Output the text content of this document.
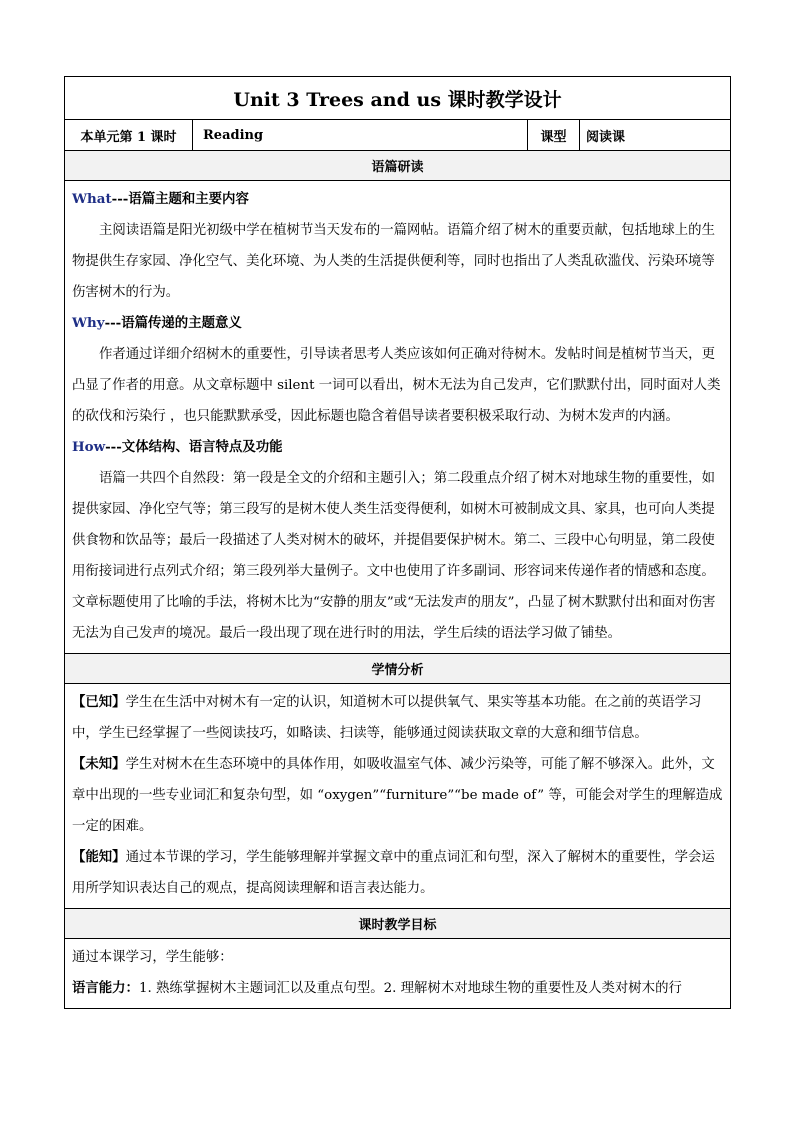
Unit 3 Trees and us 课时教学设计
本单元第 1 课时	Reading	课型	阅读课
语篇研读

What---语篇主题和主要内容

主阅读语篇是阳光初级中学在植树节当天发布的一篇网帖。语篇介绍了树木的重要贡献，包括地球上的生物提供生存家园、净化空气、美化环境、为人类的生活提供便利等，同时也指出了人类乱砍滥伐、污染环境等伤害树木的行为。

Why---语篇传递的主题意义

作者通过详细介绍树木的重要性，引导读者思考人类应该如何正确对待树木。发帖时间是植树节当天，更凸显了作者的用意。从文章标题中 silent 一词可以看出，树木无法为自己发声，它们默默付出，同时面对人类的砍伐和污染行 ，也只能默默承受，因此标题也隐含着倡导读者要积极采取行动、为树木发声的内涵。

How---文体结构、语言特点及功能

语篇一共四个自然段：第一段是全文的介绍和主题引入；第二段重点介绍了树木对地球生物的重要性，如提供家园、净化空气等；第三段写的是树木使人类生活变得便利，如树木可被制成文具、家具，也可向人类提供食物和饮品等；最后一段描述了人类对树木的破坏，并提倡要保护树木。第二、三段中心句明显，第二段使用衔接词进行点列式介绍；第三段列举大量例子。文中也使用了许多副词、形容词来传递作者的情感和态度。文章标题使用了比喻的手法，将树木比为“安静的朋友”或“无法发声的朋友”，凸显了树木默默付出和面对伤害无法为自己发声的境况。最后一段出现了现在进行时的用法，学生后续的语法学习做了铺垫。

学情分析

【已知】学生在生活中对树木有一定的认识，知道树木可以提供氧气、果实等基本功能。在之前的英语学习中，学生已经掌握了一些阅读技巧，如略读、扫读等，能够通过阅读获取文章的大意和细节信息。

【未知】学生对树木在生态环境中的具体作用，如吸收温室气体、减少污染等，可能了解不够深入。此外，文章中出现的一些专业词汇和复杂句型，如 “oxygen”“furniture”“be made of” 等，可能会对学生的理解造成一定的困难。

【能知】通过本节课的学习，学生能够理解并掌握文章中的重点词汇和句型，深入了解树木的重要性，学会运用所学知识表达自己的观点，提高阅读理解和语言表达能力。

课时教学目标

通过本课学习，学生能够：

语言能力：1. 熟练掌握树木主题词汇以及重点句型。2. 理解树木对地球生物的重要性及人类对树木的行
